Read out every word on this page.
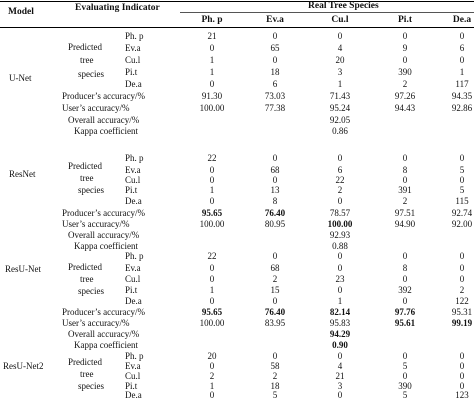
Model	Evaluating Indicator	Real Tree Species
Ph. p	Ev.a	Cu.l	Pi.t	De.a
U-Net
Predicted
tree
species
Ph. p	21	0	0	0	0
Ev.a	0	65	4	9	6
Cu.l	1	0	20	0	0
Pi.t	1	18	3	390	1
De.a	0	6	1	2	117
Producer’s accuracy/%	91.30	73.03	71.43	97.26	94.35
User’s accuracy/%	100.00	77.38	95.24	94.43	92.86
Overall accuracy/%	92.05
Kappa coefficient	0.86
ResNet
Predicted
tree
species
Ph. p	22	0	0	0	0
Ev.a	0	68	6	8	5
Cu.l	0	0	22	0	0
Pi.t	1	13	2	391	5
De.a	0	8	0	2	115
Producer’s accuracy/%	95.65	76.40	78.57	97.51	92.74
User’s accuracy/%	100.00	80.95	100.00	94.90	92.00
Overall accuracy/%	92.93
Kappa coefficient	0.88
ResU-Net	Predicted
tree
species
Ph. p	22	0	0	0	0
Ev.a	0	68	0	8	0
Cu.l	0	2	23	0	0
Pi.t	1	15	0	392	2
De.a	0	0	1	0	122
Producer’s accuracy/%	95.65	76.40	82.14	97.76	95.31
User’s accuracy/%	100.00	83.95	95.83	95.61	99.19
Overall accuracy/%	94.29
Kappa coefficient	0.90
ResU-Net2	Predicted
tree
species
Ph. p	20	0	0	0	0
Ev.a	0	58	4	5	0
Cu.l	2	2	21	0	0
Pi.t	1	18	3	390	0
De.a	0	5	0	5	123
